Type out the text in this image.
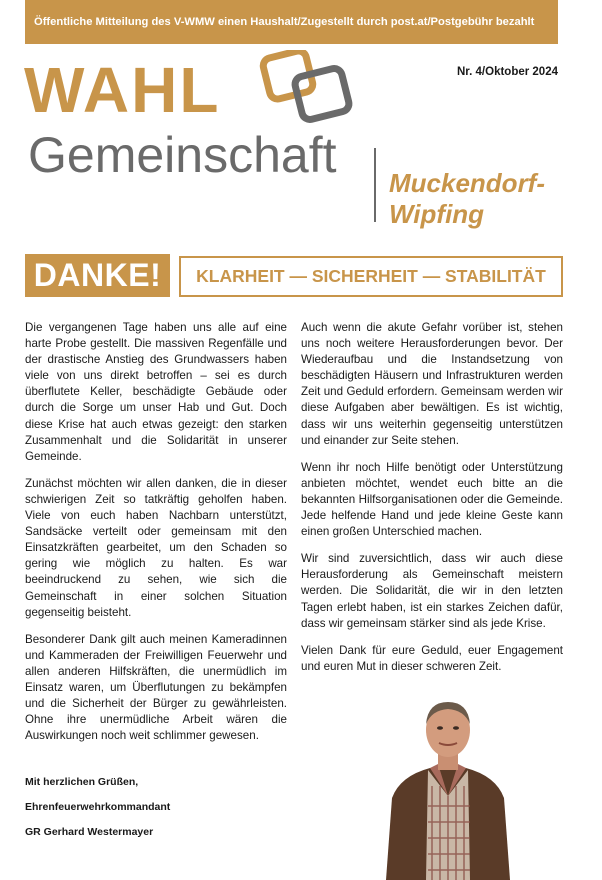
Öffentliche Mitteilung des V-WMW einen Haushalt/Zugestellt durch post.at/Postgebühr bezahlt
WAHL
Gemeinschaft
Nr. 4/Oktober 2024
Muckendorf-
Wipfing
DANKE!	KLARHEIT — SICHERHEIT — STABILITÄT

Die vergangenen Tage haben uns alle auf eine harte Probe gestellt. Die massiven Regenfälle und der drastische Anstieg des Grundwassers haben viele von uns direkt betroffen – sei es durch überflutete Keller, beschädigte Gebäude oder durch die Sorge um unser Hab und Gut. Doch diese Krise hat auch etwas gezeigt: den starken Zusammenhalt und die Solidarität in unserer Gemeinde.

Zunächst möchten wir allen danken, die in dieser schwierigen Zeit so tatkräftig geholfen haben. Viele von euch haben Nachbarn unterstützt, Sandsäcke verteilt oder gemeinsam mit den Einsatzkräften gearbeitet, um den Schaden so gering wie möglich zu halten. Es war beeindruckend zu sehen, wie sich die Gemeinschaft in einer solchen Situation gegenseitig beisteht.

Besonderer Dank gilt auch meinen Kameradinnen und Kammeraden der Freiwilligen Feuerwehr und allen anderen Hilfskräften, die unermüdlich im Einsatz waren, um Überflutungen zu bekämpfen und die Sicherheit der Bürger zu gewährleisten. Ohne ihre unermüdliche Arbeit wären die Auswirkungen noch weit schlimmer gewesen.

Auch wenn die akute Gefahr vorüber ist, stehen uns noch weitere Herausforderungen bevor. Der Wiederaufbau und die Instandsetzung von beschädigten Häusern und Infrastrukturen werden Zeit und Geduld erfordern. Gemeinsam werden wir diese Aufgaben aber bewältigen. Es ist wichtig, dass wir uns weiterhin gegenseitig unterstützen und einander zur Seite stehen.

Wenn ihr noch Hilfe benötigt oder Unterstützung anbieten möchtet, wendet euch bitte an die bekannten Hilfsorganisationen oder die Gemeinde. Jede helfende Hand und jede kleine Geste kann einen großen Unterschied machen.

Wir sind zuversichtlich, dass wir auch diese Herausforderung als Gemeinschaft meistern werden. Die Solidarität, die wir in den letzten Tagen erlebt haben, ist ein starkes Zeichen dafür, dass wir gemeinsam stärker sind als jede Krise.

Vielen Dank für eure Geduld, euer Engagement und euren Mut in dieser schweren Zeit.

Mit herzlichen Grüßen,
Ehrenfeuerwehrkommandant
GR Gerhard Westermayer
